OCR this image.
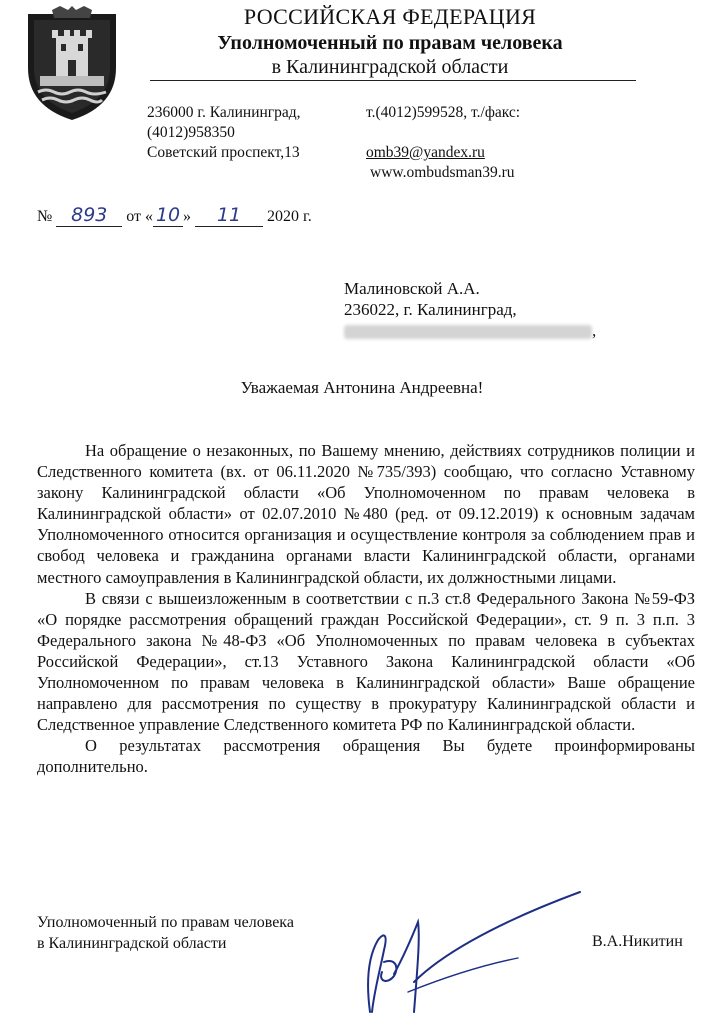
РОССИЙСКАЯ ФЕДЕРАЦИЯ
Уполномоченный по правам человека
в Калининградской области
236000 г. Калининград,
(4012)958350
Советский проспект,13
т.(4012)599528, т./факс:
omb39@yandex.ru
www.ombudsman39.ru
№ 893 от « 10 » 11 2020 г.
Малиновской А.А.
236022, г. Калининград,
,
Уважаемая Антонина Андреевна!

На обращение о незаконных, по Вашему мнению, действиях сотрудников полиции и Следственного комитета (вх. от 06.11.2020 №735/393) сообщаю, что согласно Уставному закону Калининградской области «Об Уполномоченном по правам человека в Калининградской области» от 02.07.2010 №480 (ред. от 09.12.2019) к основным задачам Уполномоченного относится организация и осуществление контроля за соблюдением прав и свобод человека и гражданина органами власти Калининградской области, органами местного самоуправления в Калининградской области, их должностными лицами.

В связи с вышеизложенным в соответствии с п.3 ст.8 Федерального Закона №59-ФЗ «О порядке рассмотрения обращений граждан Российской Федерации», ст. 9 п. 3 п.п. 3 Федерального закона №48-ФЗ «Об Уполномоченных по правам человека в субъектах Российской Федерации», ст.13 Уставного Закона Калининградской области «Об Уполномоченном по правам человека в Калининградской области» Ваше обращение направлено для рассмотрения по существу в прокуратуру Калининградской области и Следственное управление Следственного комитета РФ по Калининградской области.

О результатах рассмотрения обращения Вы будете проинформированы дополнительно.

Уполномоченный по правам человека
в Калининградской области	В.А.Никитин
